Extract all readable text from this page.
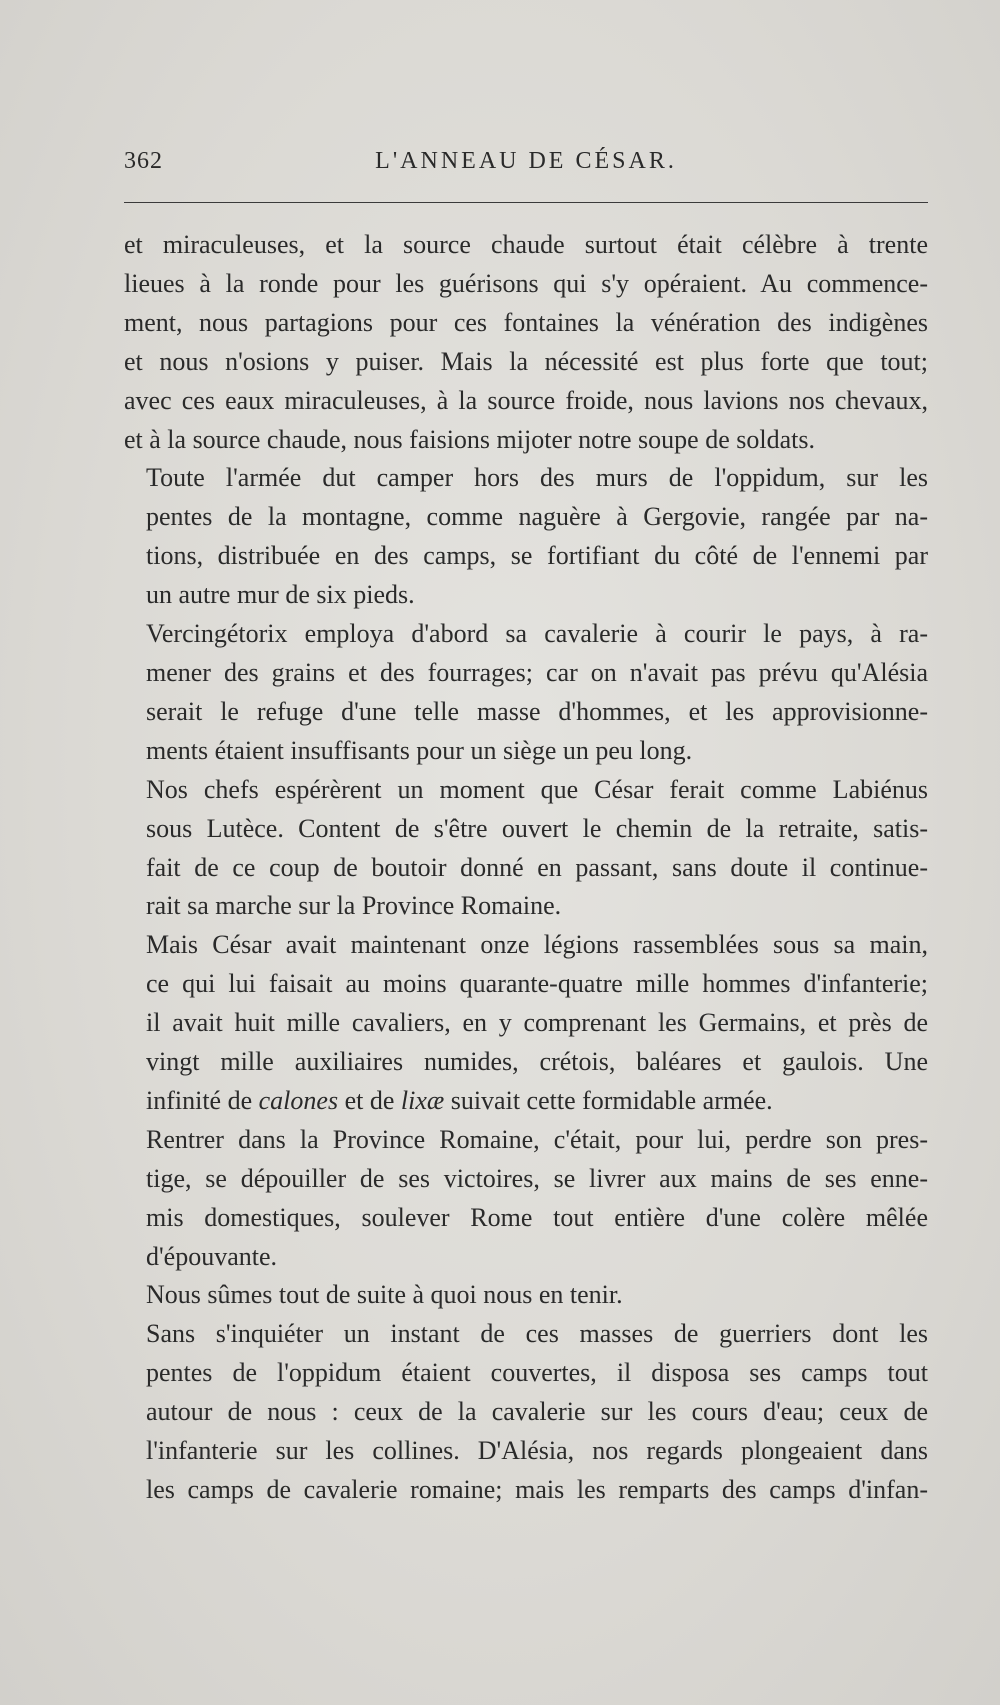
362	L'ANNEAU DE CÉSAR.

et miraculeuses, et la source chaude surtout était célèbre à trente
lieues à la ronde pour les guérisons qui s'y opéraient. Au commence-
ment, nous partagions pour ces fontaines la vénération des indigènes
et nous n'osions y puiser. Mais la nécessité est plus forte que tout;
avec ces eaux miraculeuses, à la source froide, nous lavions nos chevaux,
et à la source chaude, nous faisions mijoter notre soupe de soldats.

Toute l'armée dut camper hors des murs de l'oppidum, sur les
pentes de la montagne, comme naguère à Gergovie, rangée par na-
tions, distribuée en des camps, se fortifiant du côté de l'ennemi par
un autre mur de six pieds.

Vercingétorix employa d'abord sa cavalerie à courir le pays, à ra-
mener des grains et des fourrages; car on n'avait pas prévu qu'Alésia
serait le refuge d'une telle masse d'hommes, et les approvisionne-
ments étaient insuffisants pour un siège un peu long.

Nos chefs espérèrent un moment que César ferait comme Labiénus
sous Lutèce. Content de s'être ouvert le chemin de la retraite, satis-
fait de ce coup de boutoir donné en passant, sans doute il continue-
rait sa marche sur la Province Romaine.

Mais César avait maintenant onze légions rassemblées sous sa main,
ce qui lui faisait au moins quarante-quatre mille hommes d'infanterie;
il avait huit mille cavaliers, en y comprenant les Germains, et près de
vingt mille auxiliaires numides, crétois, baléares et gaulois. Une
infinité de calones et de lixæ suivait cette formidable armée.

Rentrer dans la Province Romaine, c'était, pour lui, perdre son pres-
tige, se dépouiller de ses victoires, se livrer aux mains de ses enne-
mis domestiques, soulever Rome tout entière d'une colère mêlée
d'épouvante.

Nous sûmes tout de suite à quoi nous en tenir.

Sans s'inquiéter un instant de ces masses de guerriers dont les
pentes de l'oppidum étaient couvertes, il disposa ses camps tout
autour de nous : ceux de la cavalerie sur les cours d'eau; ceux de
l'infanterie sur les collines. D'Alésia, nos regards plongeaient dans
les camps de cavalerie romaine; mais les remparts des camps d'infan-
